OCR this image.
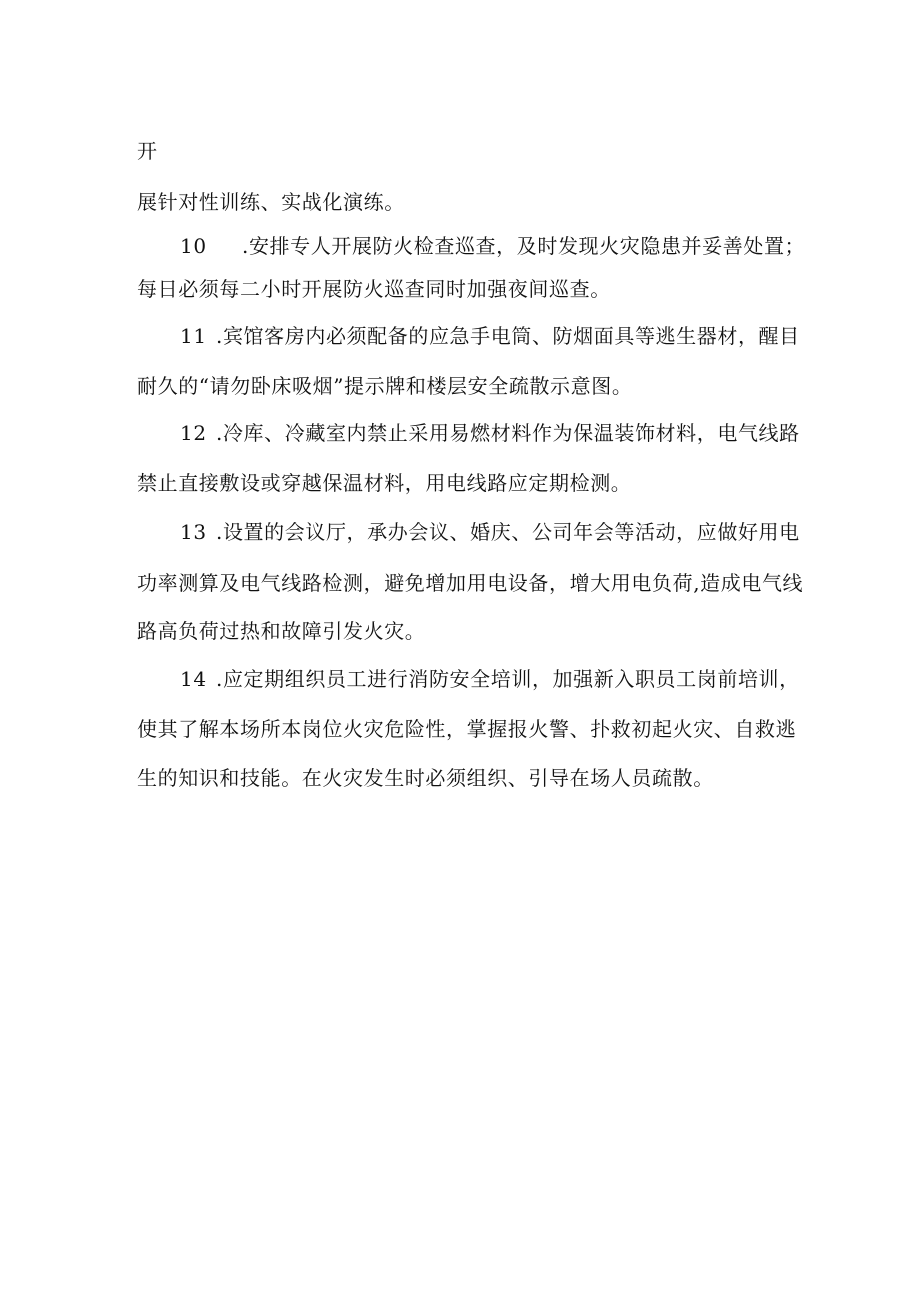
开
展针对性训练、实战化演练。
10 .安排专人开展防火检查巡查，及时发现火灾隐患并妥善处置；
每日必须每二小时开展防火巡查同时加强夜间巡查。
11 .宾馆客房内必须配备的应急手电筒、防烟面具等逃生器材，醒目
耐久的“请勿卧床吸烟”提示牌和楼层安全疏散示意图。
12 .冷库、冷藏室内禁止采用易燃材料作为保温装饰材料，电气线路
禁止直接敷设或穿越保温材料，用电线路应定期检测。
13 .设置的会议厅，承办会议、婚庆、公司年会等活动，应做好用电
功率测算及电气线路检测，避免增加用电设备，增大用电负荷,造成电气线
路高负荷过热和故障引发火灾。
14 .应定期组织员工进行消防安全培训，加强新入职员工岗前培训，
使其了解本场所本岗位火灾危险性，掌握报火警、扑救初起火灾、自救逃
生的知识和技能。在火灾发生时必须组织、引导在场人员疏散。
